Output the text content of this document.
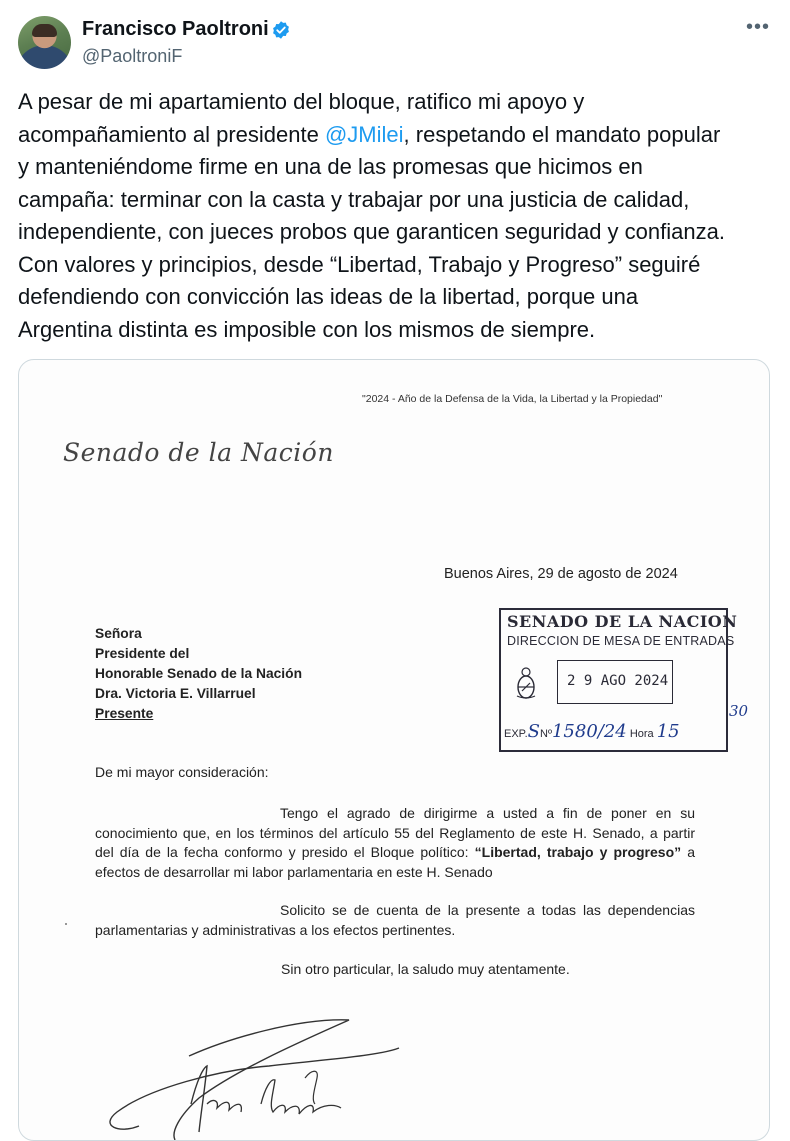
Francisco Paoltroni
@PaoltroniF
•••
A pesar de mi apartamiento del bloque, ratifico mi apoyo y
acompañamiento al presidente @JMilei, respetando el mandato popular
y manteniéndome firme en una de las promesas que hicimos en
campaña: terminar con la casta y trabajar por una justicia de calidad,
independiente, con jueces probos que garanticen seguridad y confianza.
Con valores y principios, desde “Libertad, Trabajo y Progreso” seguiré
defendiendo con convicción las ideas de la libertad, porque una
Argentina distinta es imposible con los mismos de siempre.
"2024 - Año de la Defensa de la Vida, la Libertad y la Propiedad"
Senado de la Nación
Buenos Aires, 29 de agosto de 2024
Señora
Presidente del
Honorable Senado de la Nación
Dra. Victoria E. Villarruel
Presente
SENADO DE LA NACION
DIRECCION DE MESA DE ENTRADAS
2 9 AGO 2024
EXP.SNº1580/24 Hora 15
30
De mi mayor consideración:
Tengo el agrado de dirigirme a usted a fin de poner en su conocimiento que, en los términos del artículo 55 del Reglamento de este H. Senado, a partir del día de la fecha conformo y presido el Bloque político: “Libertad, trabajo y progreso” a efectos de desarrollar mi labor parlamentaria en este H. Senado
Solicito se de cuenta de la presente a todas las dependencias parlamentarias y administrativas a los efectos pertinentes.
Sin otro particular, la saludo muy atentamente.
